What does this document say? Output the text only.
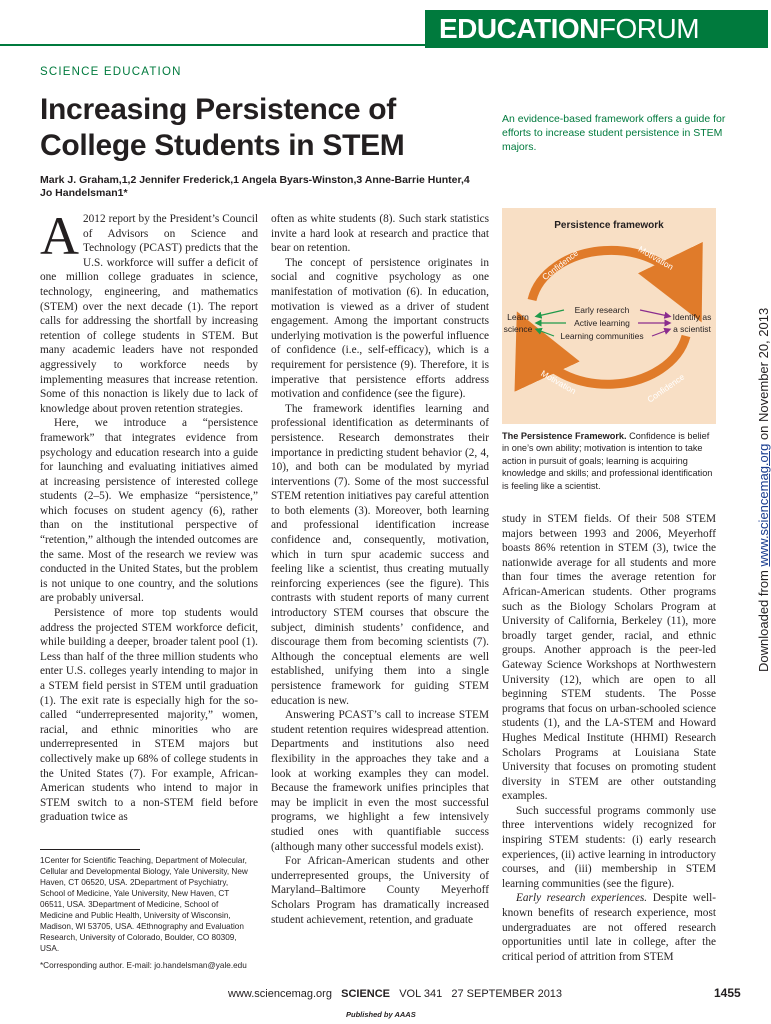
EDUCATIONFORUM
SCIENCE EDUCATION
Increasing Persistence of College Students in STEM
An evidence-based framework offers a guide for efforts to increase student persistence in STEM majors.
Mark J. Graham,1,2 Jennifer Frederick,1 Angela Byars-Winston,3 Anne-Barrie Hunter,4 Jo Handelsman1*

A 2012 report by the President’s Council of Advisors on Science and Technology (PCAST) predicts that the U.S. workforce will suffer a deficit of one million college graduates in science, technology, engineering, and mathematics (STEM) over the next decade (1). The report calls for addressing the shortfall by increasing retention of college students in STEM. But many academic leaders have not responded aggressively to workforce needs by implementing measures that increase retention. Some of this nonaction is likely due to lack of knowledge about proven retention strategies.

Here, we introduce a “persistence framework” that integrates evidence from psychology and education research into a guide for launching and evaluating initiatives aimed at increasing persistence of interested college students (2–5). We emphasize “persistence,” which focuses on student agency (6), rather than on the institutional perspective of “retention,” although the intended outcomes are the same. Most of the research we review was conducted in the United States, but the problem is not unique to one country, and the solutions are probably universal.

Persistence of more top students would address the projected STEM workforce deficit, while building a deeper, broader talent pool (1). Less than half of the three million students who enter U.S. colleges yearly intending to major in a STEM field persist in STEM until graduation (1). The exit rate is especially high for the so-called “underrepresented majority,” women, racial, and ethnic minorities who are underrepresented in STEM majors but collectively make up 68% of college students in the United States (7). For example, African-American students who intend to major in STEM switch to a non-STEM field before graduation twice as

1Center for Scientific Teaching, Department of Molecular, Cellular and Developmental Biology, Yale University, New Haven, CT 06520, USA. 2Department of Psychiatry, School of Medicine, Yale University, New Haven, CT 06511, USA. 3Department of Medicine, School of Medicine and Public Health, University of Wisconsin, Madison, WI 53705, USA. 4Ethnography and Evaluation Research, University of Colorado, Boulder, CO 80309, USA.
*Corresponding author. E-mail: jo.handelsman@yale.edu

often as white students (8). Such stark statistics invite a hard look at research and practice that bear on retention.

The concept of persistence originates in social and cognitive psychology as one manifestation of motivation (6). In education, motivation is viewed as a driver of student engagement. Among the important constructs underlying motivation is the powerful influence of confidence (i.e., self-efficacy), which is a requirement for persistence (9). Therefore, it is imperative that persistence efforts address motivation and confidence (see the figure).

The framework identifies learning and professional identification as determinants of persistence. Research demonstrates their importance in predicting student behavior (2, 4, 10), and both can be modulated by myriad interventions (7). Some of the most successful STEM retention initiatives pay careful attention to both elements (3). Moreover, both learning and professional identification increase confidence and, consequently, motivation, which in turn spur academic success and feeling like a scientist, thus creating mutually reinforcing experiences (see the figure). This contrasts with student reports of many current introductory STEM courses that obscure the subject, diminish students’ confidence, and discourage them from becoming scientists (7). Although the conceptual elements are well established, unifying them into a single persistence framework for guiding STEM education is new.

Answering PCAST’s call to increase STEM student retention requires widespread attention. Departments and institutions also need flexibility in the approaches they take and a look at working examples they can model. Because the framework unifies principles that may be implicit in even the most successful programs, we highlight a few intensively studied ones with quantifiable success (although many other successful models exist).

For African-American students and other underrepresented groups, the University of Maryland–Baltimore County Meyerhoff Scholars Program has dramatically increased student achievement, retention, and graduate

Persistence framework
Confidence	Motivation
Motivation	Confidence
Learn
science
Identify as
a scientist
Early research
Active learning
Learning communities
The Persistence Framework. Confidence is belief in one’s own ability; motivation is intention to take action in pursuit of goals; learning is acquiring knowledge and skills; and professional identification is feeling like a scientist.

study in STEM fields. Of their 508 STEM majors between 1993 and 2006, Meyerhoff boasts 86% retention in STEM (3), twice the nationwide average for all students and more than four times the average retention for African-American students. Other programs such as the Biology Scholars Program at University of California, Berkeley (11), more broadly target gender, racial, and ethnic groups. Another approach is the peer-led Gateway Science Workshops at Northwestern University (12), which are open to all beginning STEM students. The Posse programs that focus on urban-schooled science students (1), and the LA-STEM and Howard Hughes Medical Institute (HHMI) Research Scholars Programs at Louisiana State University that focuses on promoting student diversity in STEM are other outstanding examples.

Such successful programs commonly use three interventions widely recognized for inspiring STEM students: (i) early research experiences, (ii) active learning in introductory courses, and (iii) membership in STEM learning communities (see the figure).

Early research experiences. Despite well-known benefits of research experience, most undergraduates are not offered research opportunities until late in college, after the critical period of attrition from STEM

Downloaded from www.sciencemag.org on November 20, 2013
www.sciencemag.org SCIENCE VOL 341 27 SEPTEMBER 2013	1455
Published by AAAS
